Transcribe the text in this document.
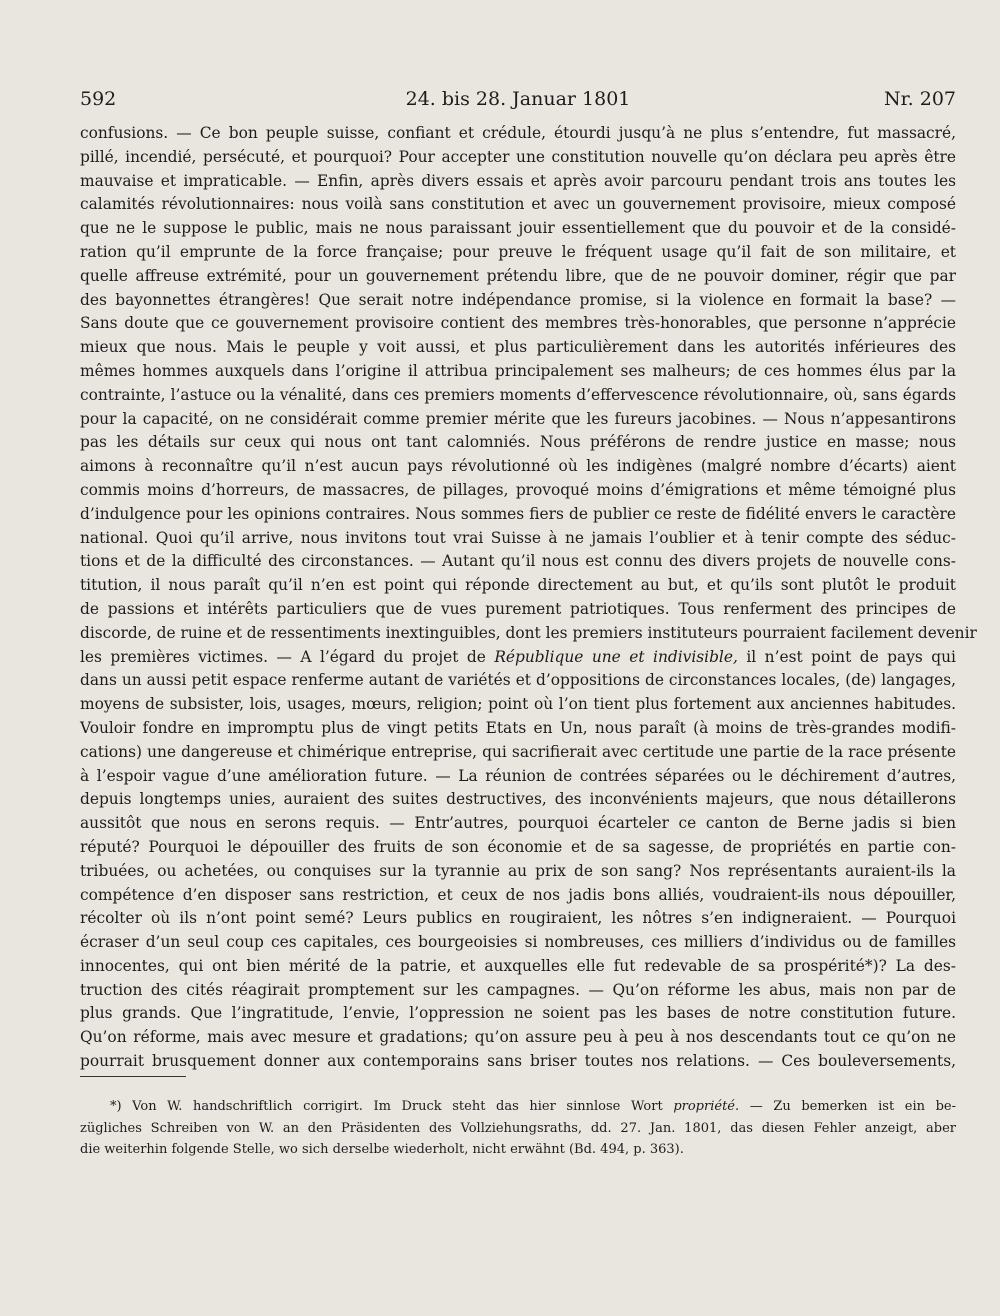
592	24. bis 28. Januar 1801	Nr. 207
confusions. — Ce bon peuple suisse, confiant et crédule, étourdi jusqu’à ne plus s’entendre, fut massacré,
pillé, incendié, persécuté, et pourquoi? Pour accepter une constitution nouvelle qu’on déclara peu après être
mauvaise et impraticable. — Enfin, après divers essais et après avoir parcouru pendant trois ans toutes les
calamités révolutionnaires: nous voilà sans constitution et avec un gouvernement provisoire, mieux composé
que ne le suppose le public, mais ne nous paraissant jouir essentiellement que du pouvoir et de la considé-
ration qu’il emprunte de la force française; pour preuve le fréquent usage qu’il fait de son militaire, et
quelle affreuse extrémité, pour un gouvernement prétendu libre, que de ne pouvoir dominer, régir que par
des bayonnettes étrangères! Que serait notre indépendance promise, si la violence en formait la base? —
Sans doute que ce gouvernement provisoire contient des membres très-honorables, que personne n’apprécie
mieux que nous. Mais le peuple y voit aussi, et plus particulièrement dans les autorités inférieures des
mêmes hommes auxquels dans l’origine il attribua principalement ses malheurs; de ces hommes élus par la
contrainte, l’astuce ou la vénalité, dans ces premiers moments d’effervescence révolutionnaire, où, sans égards
pour la capacité, on ne considérait comme premier mérite que les fureurs jacobines. — Nous n’appesantirons
pas les détails sur ceux qui nous ont tant calomniés. Nous préférons de rendre justice en masse; nous
aimons à reconnaître qu’il n’est aucun pays révolutionné où les indigènes (malgré nombre d’écarts) aient
commis moins d’horreurs, de massacres, de pillages, provoqué moins d’émigrations et même témoigné plus
d’indulgence pour les opinions contraires. Nous sommes fiers de publier ce reste de fidélité envers le caractère
national. Quoi qu’il arrive, nous invitons tout vrai Suisse à ne jamais l’oublier et à tenir compte des séduc-
tions et de la difficulté des circonstances. — Autant qu’il nous est connu des divers projets de nouvelle cons-
titution, il nous paraît qu’il n’en est point qui réponde directement au but, et qu’ils sont plutôt le produit
de passions et intérêts particuliers que de vues purement patriotiques. Tous renferment des principes de
discorde, de ruine et de ressentiments inextinguibles, dont les premiers instituteurs pourraient facilement devenir
les premières victimes. — A l’égard du projet de République une et indivisible, il n’est point de pays qui
dans un aussi petit espace renferme autant de variétés et d’oppositions de circonstances locales, (de) langages,
moyens de subsister, lois, usages, mœurs, religion; point où l’on tient plus fortement aux anciennes habitudes.
Vouloir fondre en impromptu plus de vingt petits Etats en Un, nous paraît (à moins de très-grandes modifi-
cations) une dangereuse et chimérique entreprise, qui sacrifierait avec certitude une partie de la race présente
à l’espoir vague d’une amélioration future. — La réunion de contrées séparées ou le déchirement d’autres,
depuis longtemps unies, auraient des suites destructives, des inconvénients majeurs, que nous détaillerons
aussitôt que nous en serons requis. — Entr’autres, pourquoi écarteler ce canton de Berne jadis si bien
réputé? Pourquoi le dépouiller des fruits de son économie et de sa sagesse, de propriétés en partie con-
tribuées, ou achetées, ou conquises sur la tyrannie au prix de son sang? Nos représentants auraient-ils la
compétence d’en disposer sans restriction, et ceux de nos jadis bons alliés, voudraient-ils nous dépouiller,
récolter où ils n’ont point semé? Leurs publics en rougiraient, les nôtres s’en indigneraient. — Pourquoi
écraser d’un seul coup ces capitales, ces bourgeoisies si nombreuses, ces milliers d’individus ou de familles
innocentes, qui ont bien mérité de la patrie, et auxquelles elle fut redevable de sa prospérité*)? La des-
truction des cités réagirait promptement sur les campagnes. — Qu’on réforme les abus, mais non par de
plus grands. Que l’ingratitude, l’envie, l’oppression ne soient pas les bases de notre constitution future.
Qu’on réforme, mais avec mesure et gradations; qu’on assure peu à peu à nos descendants tout ce qu’on ne
pourrait brusquement donner aux contemporains sans briser toutes nos relations. — Ces bouleversements,
*) Von W. handschriftlich corrigirt. Im Druck steht das hier sinnlose Wort propriété. — Zu bemerken ist ein be-
zügliches Schreiben von W. an den Präsidenten des Vollziehungsraths, dd. 27. Jan. 1801, das diesen Fehler anzeigt, aber
die weiterhin folgende Stelle, wo sich derselbe wiederholt, nicht erwähnt (Bd. 494, p. 363).
